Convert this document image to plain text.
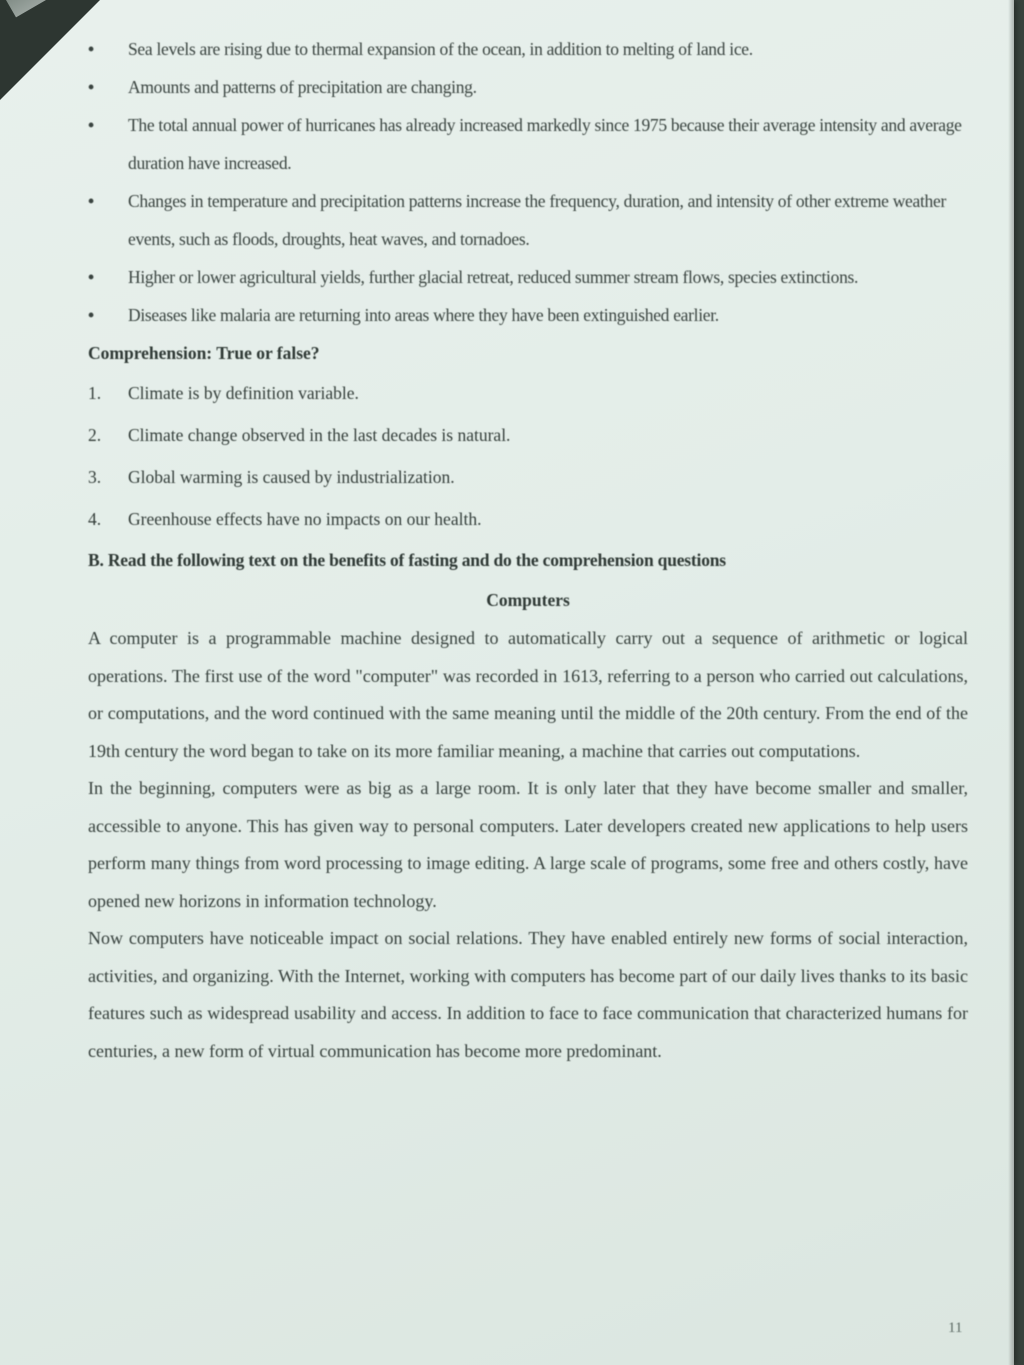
• Sea levels are rising due to thermal expansion of the ocean, in addition to melting of land ice.

• Amounts and patterns of precipitation are changing.

• The total annual power of hurricanes has already increased markedly since 1975 because their average intensity and average duration have increased.

• Changes in temperature and precipitation patterns increase the frequency, duration, and intensity of other extreme weather events, such as floods, droughts, heat waves, and tornadoes.

• Higher or lower agricultural yields, further glacial retreat, reduced summer stream flows, species extinctions.

• Diseases like malaria are returning into areas where they have been extinguished earlier.

Comprehension: True or false?

1. Climate is by definition variable.

2. Climate change observed in the last decades is natural.

3. Global warming is caused by industrialization.

4. Greenhouse effects have no impacts on our health.

B. Read the following text on the benefits of fasting and do the comprehension questions

Computers

A computer is a programmable machine designed to automatically carry out a sequence of arithmetic or logical operations. The first use of the word "computer" was recorded in 1613, referring to a person who carried out calculations, or computations, and the word continued with the same meaning until the middle of the 20th century. From the end of the 19th century the word began to take on its more familiar meaning, a machine that carries out computations.

In the beginning, computers were as big as a large room. It is only later that they have become smaller and smaller, accessible to anyone. This has given way to personal computers. Later developers created new applications to help users perform many things from word processing to image editing. A large scale of programs, some free and others costly, have opened new horizons in information technology.

Now computers have noticeable impact on social relations. They have enabled entirely new forms of social interaction, activities, and organizing. With the Internet, working with computers has become part of our daily lives thanks to its basic features such as widespread usability and access. In addition to face to face communication that characterized humans for centuries, a new form of virtual communication has become more predominant.

11
